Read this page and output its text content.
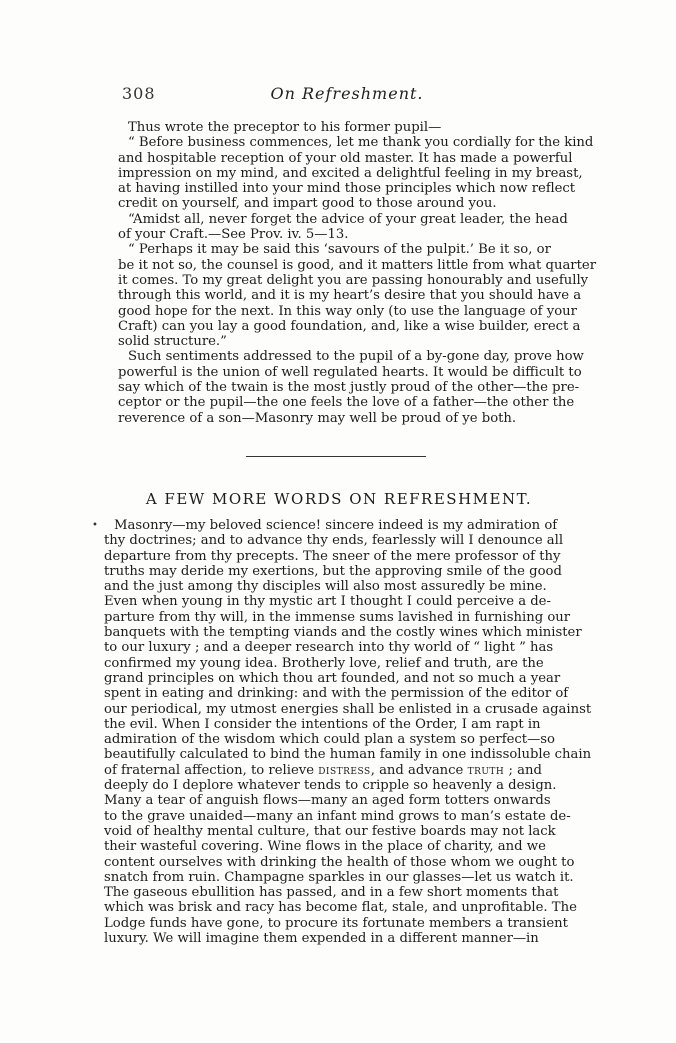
308	On Refreshment.
Thus wrote the preceptor to his former pupil—
“ Before business commences, let me thank you cordially for the kind
and hospitable reception of your old master. It has made a powerful
impression on my mind, and excited a delightful feeling in my breast,
at having instilled into your mind those principles which now reflect
credit on yourself, and impart good to those around you.
“Amidst all, never forget the advice of your great leader, the head
of your Craft.—See Prov. iv. 5—13.
“ Perhaps it may be said this ‘savours of the pulpit.’ Be it so, or
be it not so, the counsel is good, and it matters little from what quarter
it comes. To my great delight you are passing honourably and usefully
through this world, and it is my heart’s desire that you should have a
good hope for the next. In this way only (to use the language of your
Craft) can you lay a good foundation, and, like a wise builder, erect a
solid structure.”
Such sentiments addressed to the pupil of a by-gone day, prove how
powerful is the union of well regulated hearts. It would be difficult to
say which of the twain is the most justly proud of the other—the pre-
ceptor or the pupil—the one feels the love of a father—the other the
reverence of a son—Masonry may well be proud of ye both.
A FEW MORE WORDS ON REFRESHMENT.
•	Masonry—my beloved science! sincere indeed is my admiration of
thy doctrines; and to advance thy ends, fearlessly will I denounce all
departure from thy precepts. The sneer of the mere professor of thy
truths may deride my exertions, but the approving smile of the good
and the just among thy disciples will also most assuredly be mine.
Even when young in thy mystic art I thought I could perceive a de-
parture from thy will, in the immense sums lavished in furnishing our
banquets with the tempting viands and the costly wines which minister
to our luxury ; and a deeper research into thy world of “ light ” has
confirmed my young idea. Brotherly love, relief and truth, are the
grand principles on which thou art founded, and not so much a year
spent in eating and drinking: and with the permission of the editor of
our periodical, my utmost energies shall be enlisted in a crusade against
the evil. When I consider the intentions of the Order, I am rapt in
admiration of the wisdom which could plan a system so perfect—so
beautifully calculated to bind the human family in one indissoluble chain
of fraternal affection, to relieve distress, and advance truth ; and
deeply do I deplore whatever tends to cripple so heavenly a design.
Many a tear of anguish flows—many an aged form totters onwards
to the grave unaided—many an infant mind grows to man’s estate de-
void of healthy mental culture, that our festive boards may not lack
their wasteful covering. Wine flows in the place of charity, and we
content ourselves with drinking the health of those whom we ought to
snatch from ruin. Champagne sparkles in our glasses—let us watch it.
The gaseous ebullition has passed, and in a few short moments that
which was brisk and racy has become flat, stale, and unprofitable. The
Lodge funds have gone, to procure its fortunate members a transient
luxury. We will imagine them expended in a different manner—in
